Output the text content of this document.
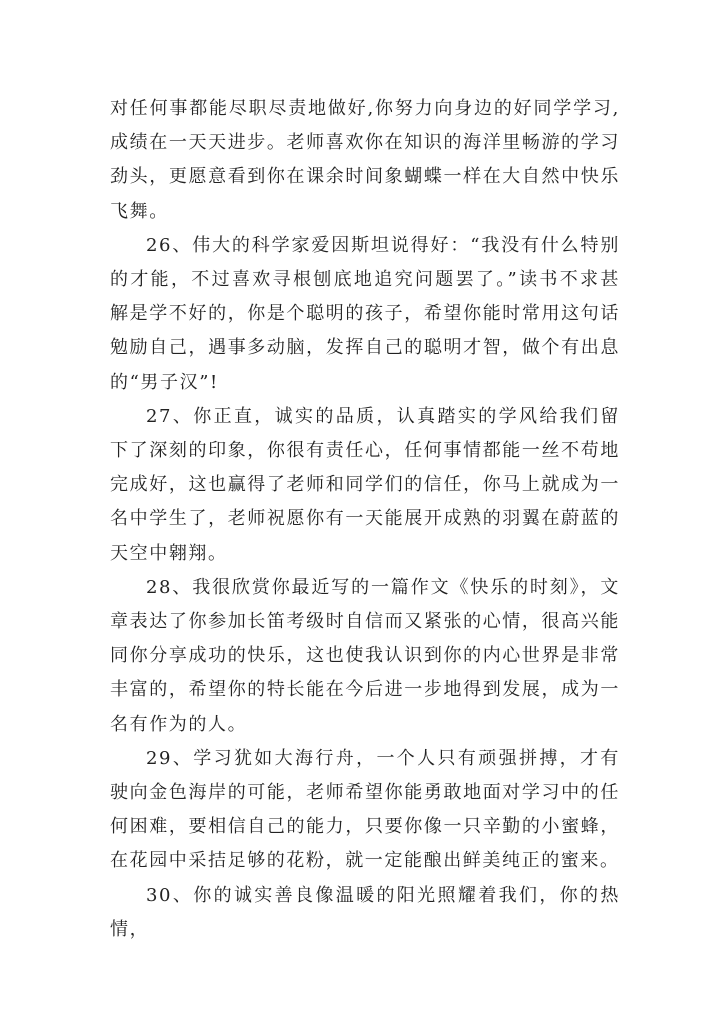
对任何事都能尽职尽责地做好,你努力向身边的好同学学习,成绩在一天天进步。老师喜欢你在知识的海洋里畅游的学习劲头，更愿意看到你在课余时间象蝴蝶一样在大自然中快乐飞舞。

26、伟大的科学家爱因斯坦说得好：“我没有什么特别的才能，不过喜欢寻根刨底地追究问题罢了。”读书不求甚解是学不好的，你是个聪明的孩子，希望你能时常用这句话勉励自己，遇事多动脑，发挥自己的聪明才智，做个有出息的“男子汉”!

27、你正直，诚实的品质，认真踏实的学风给我们留下了深刻的印象，你很有责任心，任何事情都能一丝不苟地完成好，这也赢得了老师和同学们的信任，你马上就成为一名中学生了，老师祝愿你有一天能展开成熟的羽翼在蔚蓝的天空中翱翔。

28、我很欣赏你最近写的一篇作文《快乐的时刻》，文章表达了你参加长笛考级时自信而又紧张的心情，很高兴能同你分享成功的快乐，这也使我认识到你的内心世界是非常丰富的，希望你的特长能在今后进一步地得到发展，成为一名有作为的人。

29、学习犹如大海行舟，一个人只有顽强拼搏，才有驶向金色海岸的可能，老师希望你能勇敢地面对学习中的任何困难，要相信自己的能力，只要你像一只辛勤的小蜜蜂，在花园中采拮足够的花粉，就一定能酿出鲜美纯正的蜜来。

30、你的诚实善良像温暖的阳光照耀着我们，你的热情，
